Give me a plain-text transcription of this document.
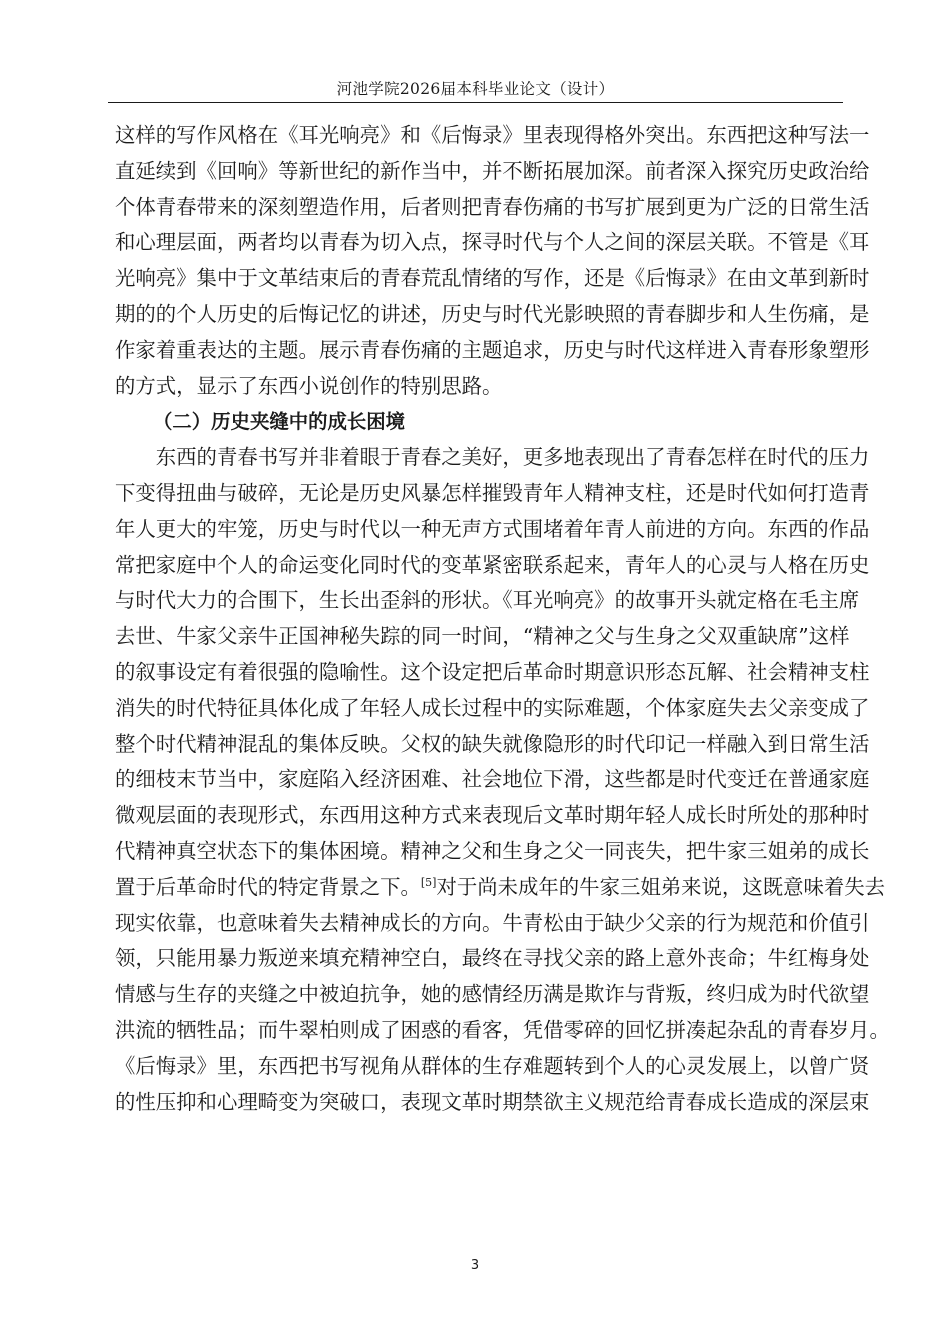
河池学院2026届本科毕业论文（设计）
这样的写作风格在《耳光响亮》和《后悔录》里表现得格外突出。东西把这种写法一
直延续到《回响》等新世纪的新作当中，并不断拓展加深。前者深入探究历史政治给
个体青春带来的深刻塑造作用，后者则把青春伤痛的书写扩展到更为广泛的日常生活
和心理层面，两者均以青春为切入点，探寻时代与个人之间的深层关联。不管是《耳
光响亮》集中于文革结束后的青春荒乱情绪的写作，还是《后悔录》在由文革到新时
期的的个人历史的后悔记忆的讲述，历史与时代光影映照的青春脚步和人生伤痛，是
作家着重表达的主题。展示青春伤痛的主题追求，历史与时代这样进入青春形象塑形
的方式，显示了东西小说创作的特别思路。
（二）历史夹缝中的成长困境
　　东西的青春书写并非着眼于青春之美好，更多地表现出了青春怎样在时代的压力
下变得扭曲与破碎，无论是历史风暴怎样摧毁青年人精神支柱，还是时代如何打造青
年人更大的牢笼，历史与时代以一种无声方式围堵着年青人前进的方向。东西的作品
常把家庭中个人的命运变化同时代的变革紧密联系起来，青年人的心灵与人格在历史
与时代大力的合围下，生长出歪斜的形状。《耳光响亮》的故事开头就定格在毛主席
去世、牛家父亲牛正国神秘失踪的同一时间，“精神之父与生身之父双重缺席”这样
的叙事设定有着很强的隐喻性。这个设定把后革命时期意识形态瓦解、社会精神支柱
消失的时代特征具体化成了年轻人成长过程中的实际难题，个体家庭失去父亲变成了
整个时代精神混乱的集体反映。父权的缺失就像隐形的时代印记一样融入到日常生活
的细枝末节当中，家庭陷入经济困难、社会地位下滑，这些都是时代变迁在普通家庭
微观层面的表现形式，东西用这种方式来表现后文革时期年轻人成长时所处的那种时
代精神真空状态下的集体困境。精神之父和生身之父一同丧失，把牛家三姐弟的成长
置于后革命时代的特定背景之下。[5]对于尚未成年的牛家三姐弟来说，这既意味着失去
现实依靠，也意味着失去精神成长的方向。牛青松由于缺少父亲的行为规范和价值引
领，只能用暴力叛逆来填充精神空白，最终在寻找父亲的路上意外丧命；牛红梅身处
情感与生存的夹缝之中被迫抗争，她的感情经历满是欺诈与背叛，终归成为时代欲望
洪流的牺牲品；而牛翠柏则成了困惑的看客，凭借零碎的回忆拼凑起杂乱的青春岁月。
《后悔录》里，东西把书写视角从群体的生存难题转到个人的心灵发展上，以曾广贤
的性压抑和心理畸变为突破口，表现文革时期禁欲主义规范给青春成长造成的深层束
3
